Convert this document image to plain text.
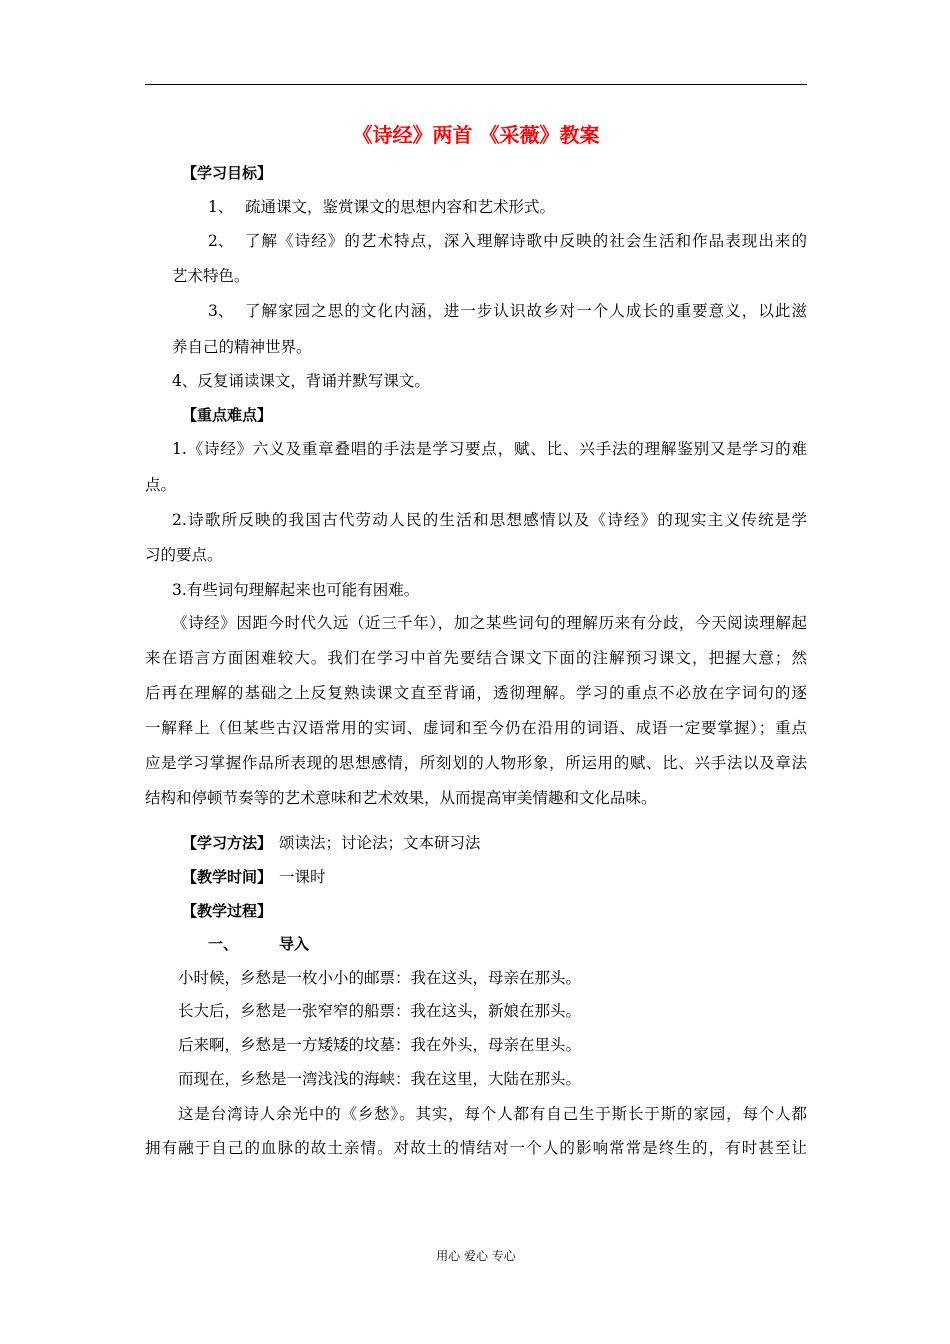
《诗经》两首 《采薇》教案
【学习目标】
1、 疏通课文，鉴赏课文的思想内容和艺术形式。
2、 了解《诗经》的艺术特点，深入理解诗歌中反映的社会生活和作品表现出来的
艺术特色。
3、 了解家园之思的文化内涵，进一步认识故乡对一个人成长的重要意义，以此滋
养自己的精神世界。
4、反复诵读课文，背诵并默写课文。
【重点难点】
1.《诗经》六义及重章叠唱的手法是学习要点，赋、比、兴手法的理解鉴别又是学习的难
点。
2.诗歌所反映的我国古代劳动人民的生活和思想感情以及《诗经》的现实主义传统是学
习的要点。
3.有些词句理解起来也可能有困难。
《诗经》因距今时代久远（近三千年），加之某些词句的理解历来有分歧，今天阅读理解起
来在语言方面困难较大。我们在学习中首先要结合课文下面的注解预习课文，把握大意；然
后再在理解的基础之上反复熟读课文直至背诵，透彻理解。学习的重点不必放在字词句的逐
一解释上（但某些古汉语常用的实词、虚词和至今仍在沿用的词语、成语一定要掌握）；重点
应是学习掌握作品所表现的思想感情，所刻划的人物形象，所运用的赋、比、兴手法以及章法
结构和停顿节奏等的艺术意味和艺术效果，从而提高审美情趣和文化品味。
【学习方法】 颂读法；讨论法；文本研习法
【教学时间】 一课时
【教学过程】
一、	导入
小时候，乡愁是一枚小小的邮票：我在这头，母亲在那头。
长大后，乡愁是一张窄窄的船票：我在这头，新娘在那头。
后来啊，乡愁是一方矮矮的坟墓：我在外头，母亲在里头。
而现在，乡愁是一湾浅浅的海峡：我在这里，大陆在那头。
这是台湾诗人余光中的《乡愁》。其实，每个人都有自己生于斯长于斯的家园，每个人都
拥有融于自己的血脉的故土亲情。对故土的情结对一个人的影响常常是终生的，有时甚至让
用心 爱心 专心
